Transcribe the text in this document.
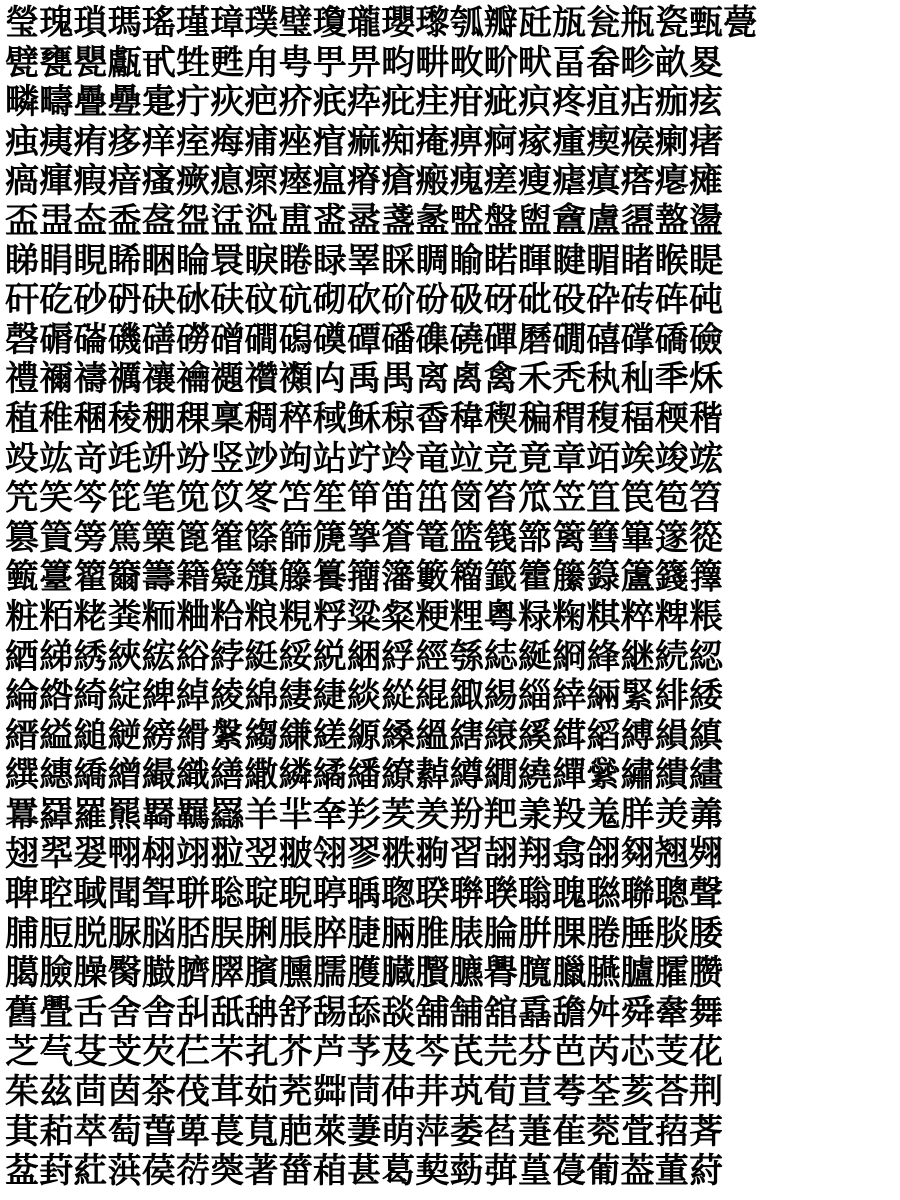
瑩瑰瑣瑪瑤瑾璋璞璧瓊瓏瓔瓈瓠瓣瓩瓬瓮瓶瓷甄甍
甓甕甖甗甙甡甦甪甹甼畀畇畊畋畍畎畐畚畛畝畟
疄疇疊疉疐疔疢疤疥疧疩疪疰疳疵疻疼疽痁痂痃
痋痍痏痑痒痓痗痡痤痯痲痴痷痹痾瘃瘇瘈瘊瘌瘏
瘑瘒瘕瘖瘙瘚瘜瘝瘞瘟瘠瘡瘢瘣瘥瘦瘧瘨瘩瘪瘫
盃盄盇盉盋盌盓盕盙盚盝盞盠盢盤盥盦盧盨盩盪
睇睊睍睎睏睔睘睙睠睩睪睬睭睮睰睴睷睸睹睺睼
矸矻砂砃砄砅砆砇砊砌砍砎砏砐砑砒砓砕砖砗砘
磬磭磮磯磰磱磳磵磶磸磹磻磼磽磾磿礀礂礃礄礆
禮禰禱禲禳禴禵禶禷禸禹禺离禼禽禾秃秇秈秊秌
稙稚稛稜稝稞稟稠稡稢稣稤稥稦稧稨稩稪稫稬稭
竐竑竒竓竔竕竖竗竘站竚竛竜竝竞竟章竡竢竣竤
笐笑笒笓笔笕笖笗笘笙笚笛笜笝笞笟笠笡笢笣笤
篡篢篣篤篥篦篧篨篩篪篫篬篭篮篯篰篱篲篳篴篵
籈籉籊籋籌籍籎籏籐籑籒籓籔籕籖籗籘籙籚籛籜
粧粨粩粪粫粬粭粮粯粰粱粲粳粴粵粶粷粸粹粺粻
綇綈綉綊綋綌綍綎綏綐綑綒經綔綕綖綗綘継続綛
綸綹綺綻綼綽綾綿緀緁緂緃緄緅緆緇緈緉緊緋緌
縉縊縋縌縍縎縏縐縑縒縓縔縕縖縗縘縙縚縛縜縝
繏繐繑繒繓織繕繖繗繘繙繚繛繜繝繞繟繠繡繢繣
羃羄羅羆羇羈羉羊羋羍羏羐羑羒羓羕羖羗羘羙羛
翅翆翇翈翉翊翋翌翍翎翏翐翑習翓翔翕翖翗翘翙
聛聜聝聞聟聠聡聢聣聤聥聦聧聨聫聬聭聮聯聰聲
脯脰脱脲脳脴脵脷脹脺脻脼脽脿腀腁腂腃腄腅腇
臈臉臊臋臌臍臎臏臐臑臒臓臔臕臖臗臘臙臚臛臜
舊舋舌舍舎舏舐舑舒舓舔舕舖舗舘舙舚舛舜舝舞
芝芞芟芠芡芢芣芤芥芦芧芨芩芪芫芬芭芮芯芰花
茱茲茴茵茶茷茸茹茺茻茼茽茾茿荀荁荂荃荄荅荆
萁萂萃萄萅萆萇萈萉萊萋萌萍萎萏萐萑萒萓萔萕
葐葑葒葓葔葕葖著葘葙葚葛葜葝葞葟葠葡葢董葤
